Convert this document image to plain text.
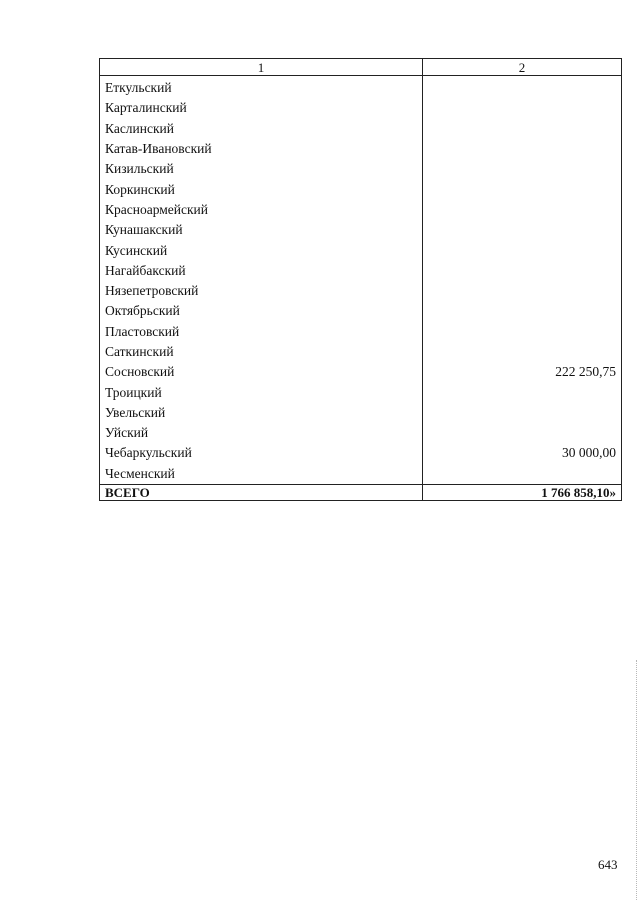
1	2
Еткульский	
Карталинский	
Каслинский	
Катав-Ивановский	
Кизильский	
Коркинский	
Красноармейский	
Кунашакский	
Кусинский	
Нагайбакский	
Нязепетровский	
Октябрьский	
Пластовский	
Саткинский	
Сосновский	222 250,75
Троицкий	
Увельский	
Уйский	
Чебаркульский	30 000,00
Чесменский	
ВСЕГО	1 766 858,10»
643
